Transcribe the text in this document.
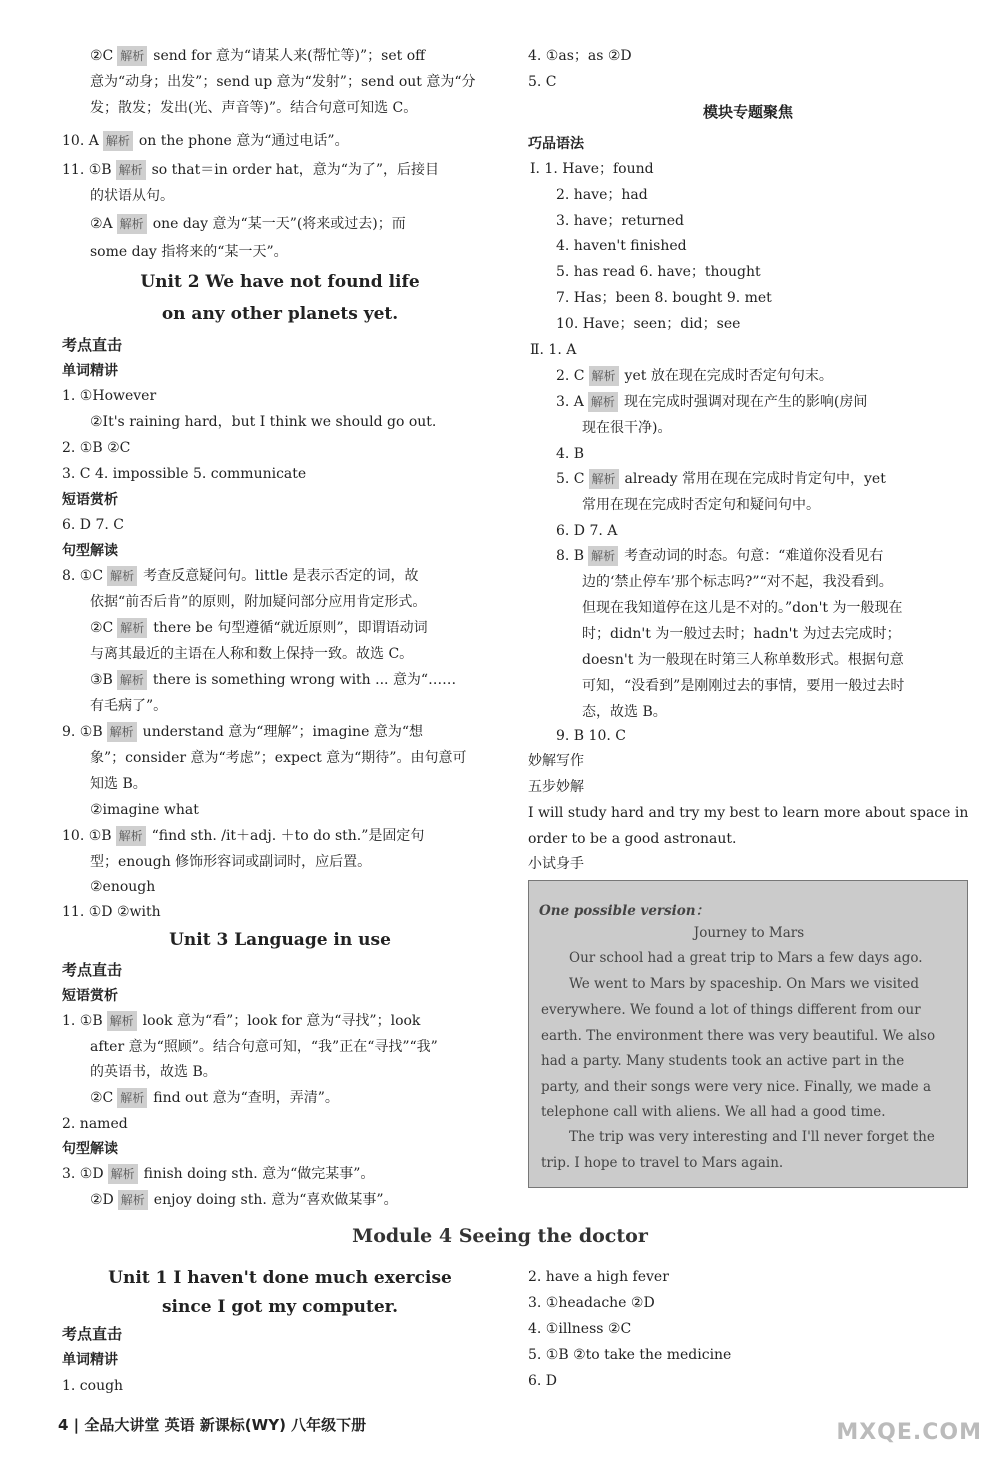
②C 解析 send for 意为“请某人来(帮忙等)”；set off
意为“动身；出发”；send up 意为“发射”；send out 意为“分
发；散发；发出(光、声音等)”。结合句意可知选 C。
10. A 解析 on the phone 意为“通过电话”。
11. ①B 解析 so that＝in order hat，意为“为了”，后接目
的状语从句。
②A 解析 one day 意为“某一天”(将来或过去)；而
some day 指将来的“某一天”。
Unit 2 We have not found life
on any other planets yet.
考点直击
单词精讲
1. ①However
②It's raining hard，but I think we should go out.
2. ①B ②C
3. C 4. impossible 5. communicate
短语赏析
6. D 7. C
句型解读
8. ①C 解析 考查反意疑问句。little 是表示否定的词，故
依据“前否后肯”的原则，附加疑问部分应用肯定形式。
②C 解析 there be 句型遵循“就近原则”，即谓语动词
与离其最近的主语在人称和数上保持一致。故选 C。
③B 解析 there is something wrong with ... 意为“……
有毛病了”。
9. ①B 解析 understand 意为“理解”；imagine 意为“想
象”；consider 意为“考虑”；expect 意为“期待”。由句意可
知选 B。
②imagine what
10. ①B 解析 “find sth. /it＋adj. ＋to do sth.”是固定句
型；enough 修饰形容词或副词时，应后置。
②enough
11. ①D ②with
Unit 3 Language in use
考点直击
短语赏析
1. ①B 解析 look 意为“看”；look for 意为“寻找”；look
after 意为“照顾”。结合句意可知，“我”正在“寻找”“我”
的英语书，故选 B。
②C 解析 find out 意为“查明，弄清”。
2. named
句型解读
3. ①D 解析 finish doing sth. 意为“做完某事”。
②D 解析 enjoy doing sth. 意为“喜欢做某事”。
4. ①as；as ②D
5. C
模块专题聚焦
巧品语法
Ⅰ. 1. Have；found
2. have；had
3. have；returned
4. haven't finished
5. has read 6. have；thought
7. Has；been 8. bought 9. met
10. Have；seen；did；see
Ⅱ. 1. A
2. C 解析 yet 放在现在完成时否定句句末。
3. A 解析 现在完成时强调对现在产生的影响(房间
现在很干净)。
4. B
5. C 解析 already 常用在现在完成时肯定句中，yet
常用在现在完成时否定句和疑问句中。
6. D 7. A
8. B 解析 考查动词的时态。句意：“难道你没看见右
边的‘禁止停车’那个标志吗?”“对不起，我没看到。
但现在我知道停在这儿是不对的。”don't 为一般现在
时；didn't 为一般过去时；hadn't 为过去完成时；
doesn't 为一般现在时第三人称单数形式。根据句意
可知，“没看到”是刚刚过去的事情，要用一般过去时
态，故选 B。
9. B 10. C
妙解写作
五步妙解
I will study hard and try my best to learn more about space in
order to be a good astronaut.
小试身手
One possible version：
Journey to Mars
Our school had a great trip to Mars a few days ago.
We went to Mars by spaceship. On Mars we visited
everywhere. We found a lot of things different from our
earth. The environment there was very beautiful. We also
had a party. Many students took an active part in the
party, and their songs were very nice. Finally, we made a
telephone call with aliens. We all had a good time.
The trip was very interesting and I'll never forget the
trip. I hope to travel to Mars again.
Module 4 Seeing the doctor
Unit 1 I haven't done much exercise
since I got my computer.
考点直击
单词精讲
1. cough
2. have a high fever
3. ①headache ②D
4. ①illness ②C
5. ①B ②to take the medicine
6. D
4 | 全品大讲堂 英语 新课标(WY) 八年级下册	MXQE.COM
